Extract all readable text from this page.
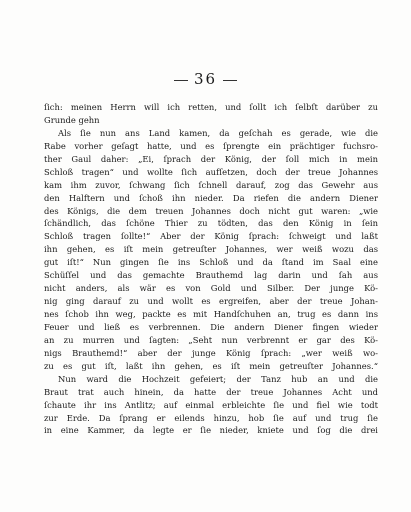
36
ſich: meinen Herrn will ich retten, und ſollt ich ſelbſt darüber zu
Grunde gehn
Als ſie nun ans Land kamen, da geſchah es gerade, wie die
Rabe vorher geſagt hatte, und es ſprengte ein prächtiger fuchsro-
ther Gaul daher: „Ei, ſprach der König, der ſoll mich in mein
Schloß tragen“ und wollte ſich aufſetzen, doch der treue Johannes
kam ihm zuvor, ſchwang ſich ſchnell darauf, zog das Gewehr aus
den Halftern und ſchoß ihn nieder. Da riefen die andern Diener
des Königs, die dem treuen Johannes doch nicht gut waren: „wie
ſchändlich, das ſchöne Thier zu tödten, das den König in ſein
Schloß tragen ſollte!“ Aber der König ſprach: ſchweigt und laßt
ihn gehen, es iſt mein getreuſter Johannes, wer weiß wozu das
gut iſt!“ Nun gingen ſie ins Schloß und da ſtand im Saal eine
Schüſſel und das gemachte Brauthemd lag darin und ſah aus
nicht anders, als wär es von Gold und Silber. Der junge Kö-
nig ging darauf zu und wollt es ergreifen, aber der treue Johan-
nes ſchob ihn weg, packte es mit Handſchuhen an, trug es dann ins
Feuer und ließ es verbrennen. Die andern Diener fingen wieder
an zu murren und ſagten: „Seht nun verbrennt er gar des Kö-
nigs Brauthemd!“ aber der junge König ſprach: „wer weiß wo-
zu es gut iſt, laßt ihn gehen, es iſt mein getreuſter Johannes.“
Nun ward die Hochzeit gefeiert; der Tanz hub an und die
Braut trat auch hinein, da hatte der treue Johannes Acht und
ſchaute ihr ins Antlitz; auf einmal erbleichte ſie und fiel wie todt
zur Erde. Da ſprang er eilends hinzu, hob ſie auf und trug ſie
in eine Kammer, da legte er ſie nieder, kniete und ſog die drei
